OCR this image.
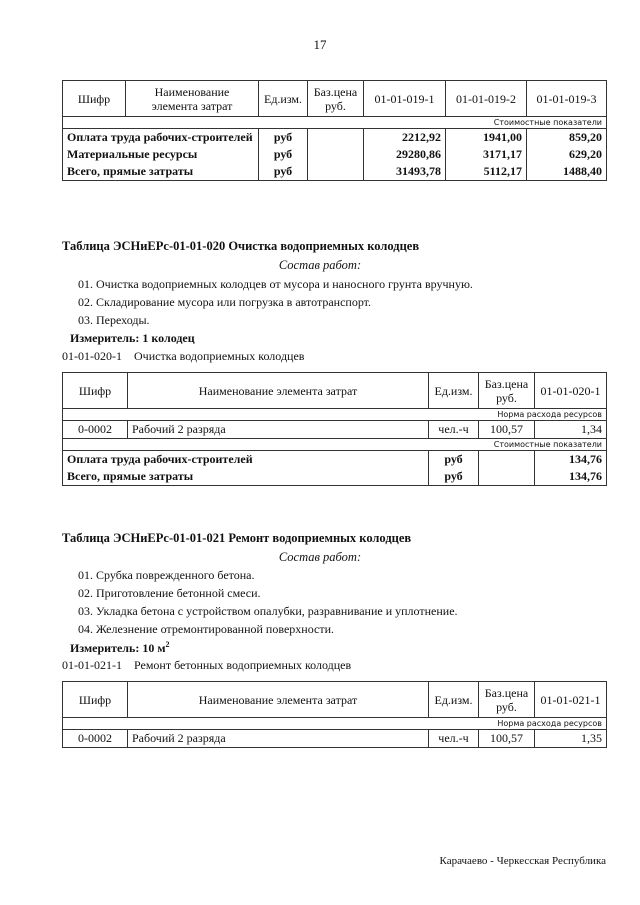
17
Шифр	Наименование элемента затрат	Ед.изм.	Баз.цена руб.	01-01-019-1	01-01-019-2	01-01-019-3
Стоимостные показатели						
Оплата труда рабочих-строителей		руб		2212,92	1941,00	859,20
Материальные ресурсы		руб		29280,86	3171,17	629,20
Всего, прямые затраты		руб		31493,78	5112,17	1488,40
Таблица ЭСНиЕРс-01-01-020 Очистка водоприемных колодцев
Состав работ:
01. Очистка водоприемных колодцев от мусора и наносного грунта вручную.
02. Складирование мусора или погрузка в автотранспорт.
03. Переходы.
Измеритель: 1 колодец
01-01-020-1    Очистка водоприемных колодцев
Шифр	Наименование элемента затрат	Ед.изм.	Баз.цена руб.	01-01-020-1
Норма расхода ресурсов				
0-0002	Рабочий 2 разряда	чел.-ч	100,57	1,34
Стоимостные показатели				
Оплата труда рабочих-строителей		руб		134,76
Всего, прямые затраты		руб		134,76
Таблица ЭСНиЕРс-01-01-021 Ремонт водоприемных колодцев
Состав работ:
01. Срубка поврежденного бетона.
02. Приготовление бетонной смеси.
03. Укладка бетона с устройством опалубки, разравнивание и уплотнение.
04. Железнение отремонтированной поверхности.
Измеритель: 10 $м^2$
01-01-021-1    Ремонт бетонных водоприемных колодцев
Шифр	Наименование элемента затрат	Ед.изм.	Баз.цена руб.	01-01-021-1
Норма расхода ресурсов				
0-0002	Рабочий 2 разряда	чел.-ч	100,57	1,35
Карачаево - Черкесская Республика
